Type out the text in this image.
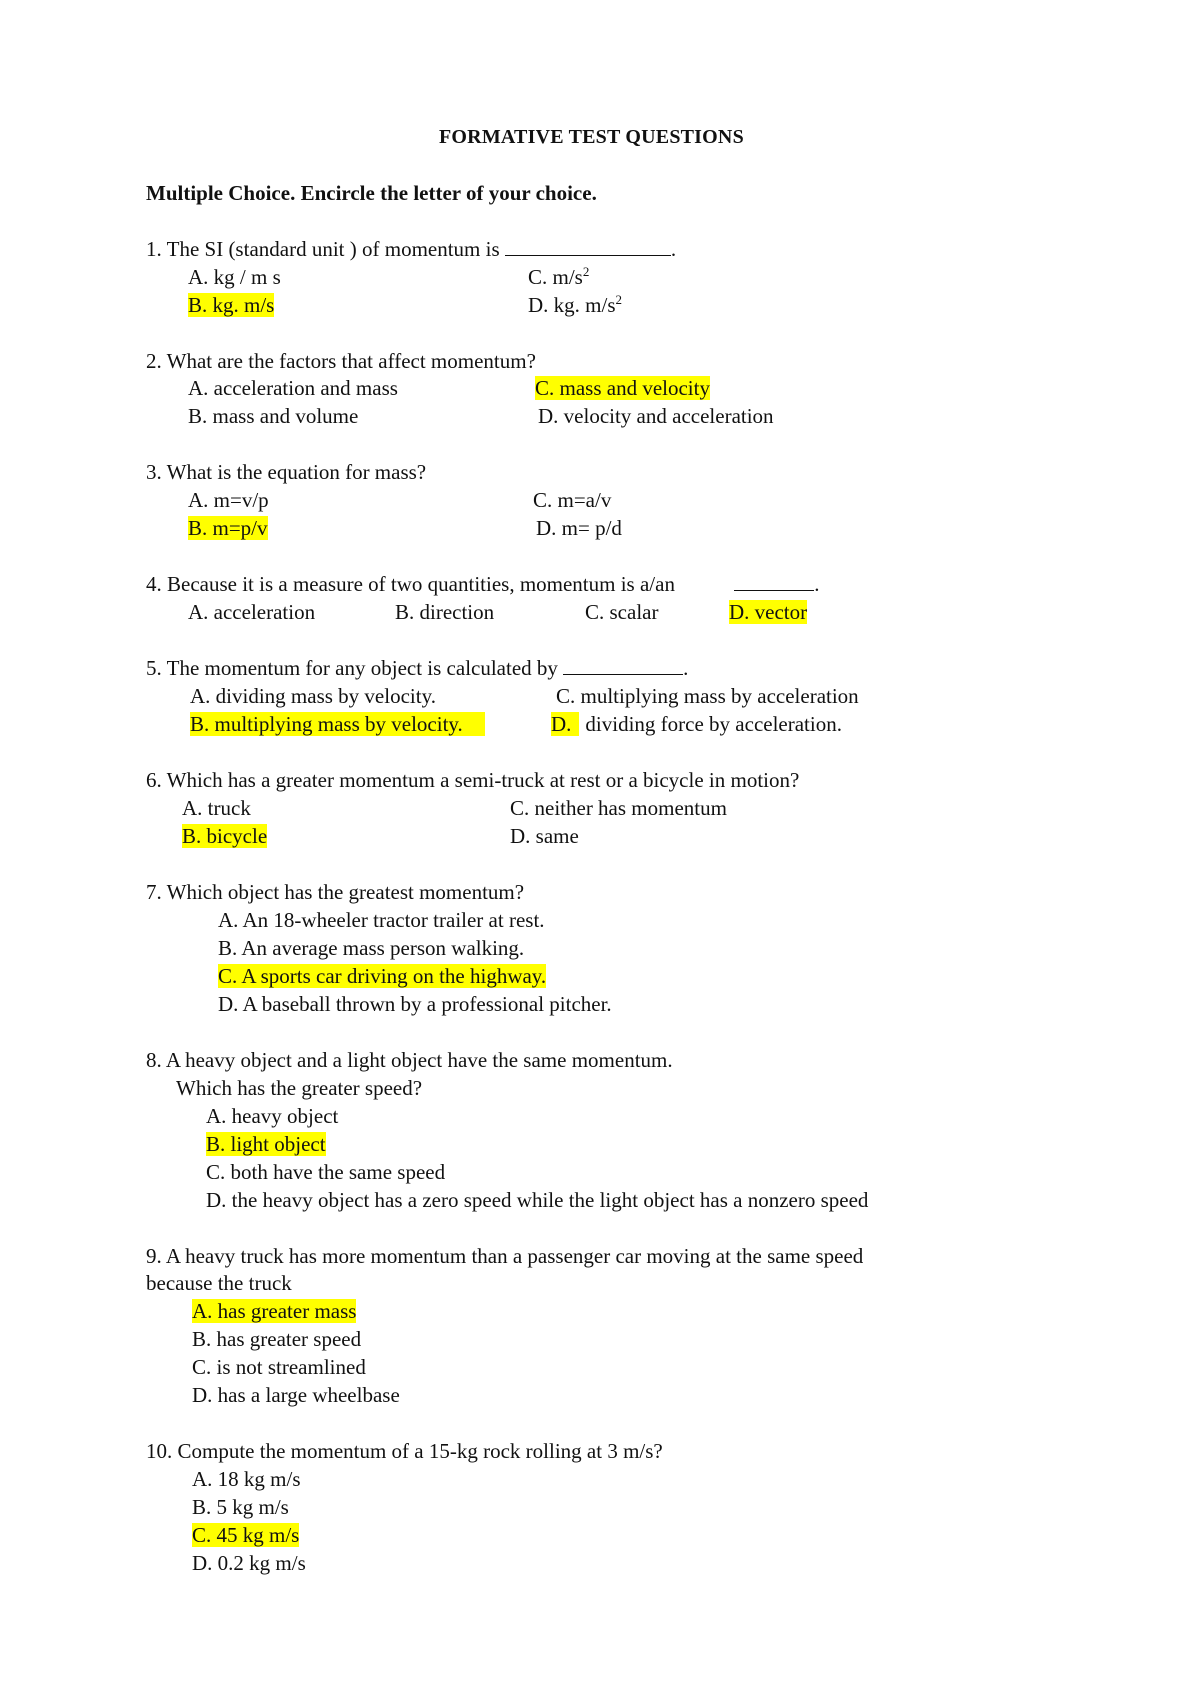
FORMATIVE TEST QUESTIONS
Multiple Choice. Encircle the letter of your choice.
1. The SI (standard unit ) of momentum is	.
A. kg / m s	C. $m/s^2$
B. kg. m/s	D. kg. $m/s^2$
2. What are the factors that affect momentum?
A. acceleration and mass	C. mass and velocity
B. mass and volume	D. velocity and acceleration
3. What is the equation for mass?
A. m=v/p	C. m=a/v
B. m=p/v	D. m= p/d
4. Because it is a measure of two quantities, momentum is a/an	.
A. acceleration	B. direction	C. scalar	D. vector
5. The momentum for any object is calculated by	.
A. dividing mass by velocity.	C. multiplying mass by acceleration
B. multiplying mass by velocity.	D. dividing force by acceleration.
6. Which has a greater momentum a semi-truck at rest or a bicycle in motion?
A. truck	C. neither has momentum
B. bicycle	D. same
7. Which object has the greatest momentum?
A. An 18-wheeler tractor trailer at rest.
B. An average mass person walking.
C. A sports car driving on the highway.
D. A baseball thrown by a professional pitcher.
8. A heavy object and a light object have the same momentum.
Which has the greater speed?
A. heavy object
B. light object
C. both have the same speed
D. the heavy object has a zero speed while the light object has a nonzero speed
9. A heavy truck has more momentum than a passenger car moving at the same speed
because the truck
A. has greater mass
B. has greater speed
C. is not streamlined
D. has a large wheelbase
10. Compute the momentum of a 15-kg rock rolling at 3 m/s?
A. 18 kg m/s
B. 5 kg m/s
C. 45 kg m/s
D. 0.2 kg m/s
